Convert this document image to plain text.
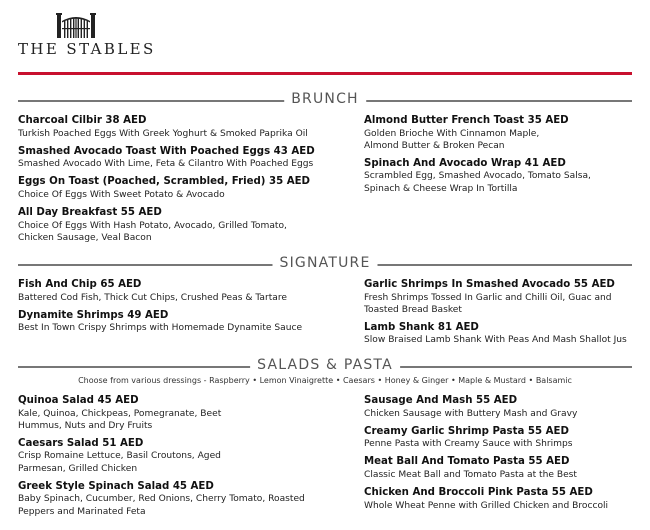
THE STABLES
BRUNCH
Charcoal Cilbir 38 AED
Turkish Poached Eggs With Greek Yoghurt & Smoked Paprika Oil
Smashed Avocado Toast With Poached Eggs 43 AED
Smashed Avocado With Lime, Feta & Cilantro With Poached Eggs
Eggs On Toast (Poached, Scrambled, Fried) 35 AED
Choice Of Eggs With Sweet Potato & Avocado
All Day Breakfast 55 AED
Choice Of Eggs With Hash Potato, Avocado, Grilled Tomato, Chicken Sausage, Veal Bacon
Almond Butter French Toast 35 AED
Golden Brioche With Cinnamon Maple, Almond Butter & Broken Pecan
Spinach And Avocado Wrap 41 AED
Scrambled Egg, Smashed Avocado, Tomato Salsa, Spinach & Cheese Wrap In Tortilla
SIGNATURE
Fish And Chip 65 AED
Battered Cod Fish, Thick Cut Chips, Crushed Peas & Tartare
Dynamite Shrimps 49 AED
Best In Town Crispy Shrimps with Homemade Dynamite Sauce
Garlic Shrimps In Smashed Avocado 55 AED
Fresh Shrimps Tossed In Garlic and Chilli Oil, Guac and Toasted Bread Basket
Lamb Shank 81 AED
Slow Braised Lamb Shank With Peas And Mash Shallot Jus
SALADS & PASTA
Choose from various dressings - Raspberry • Lemon Vinaigrette • Caesars • Honey & Ginger • Maple & Mustard • Balsamic
Quinoa Salad 45 AED
Kale, Quinoa, Chickpeas, Pomegranate, Beet Hummus, Nuts and Dry Fruits
Caesars Salad 51 AED
Crisp Romaine Lettuce, Basil Croutons, Aged Parmesan, Grilled Chicken
Greek Style Spinach Salad 45 AED
Baby Spinach, Cucumber, Red Onions, Cherry Tomato, Roasted Peppers and Marinated Feta
Sausage And Mash 55 AED
Chicken Sausage with Buttery Mash and Gravy
Creamy Garlic Shrimp Pasta 55 AED
Penne Pasta with Creamy Sauce with Shrimps
Meat Ball And Tomato Pasta 55 AED
Classic Meat Ball and Tomato Pasta at the Best
Chicken And Broccoli Pink Pasta 55 AED
Whole Wheat Penne with Grilled Chicken and Broccoli
